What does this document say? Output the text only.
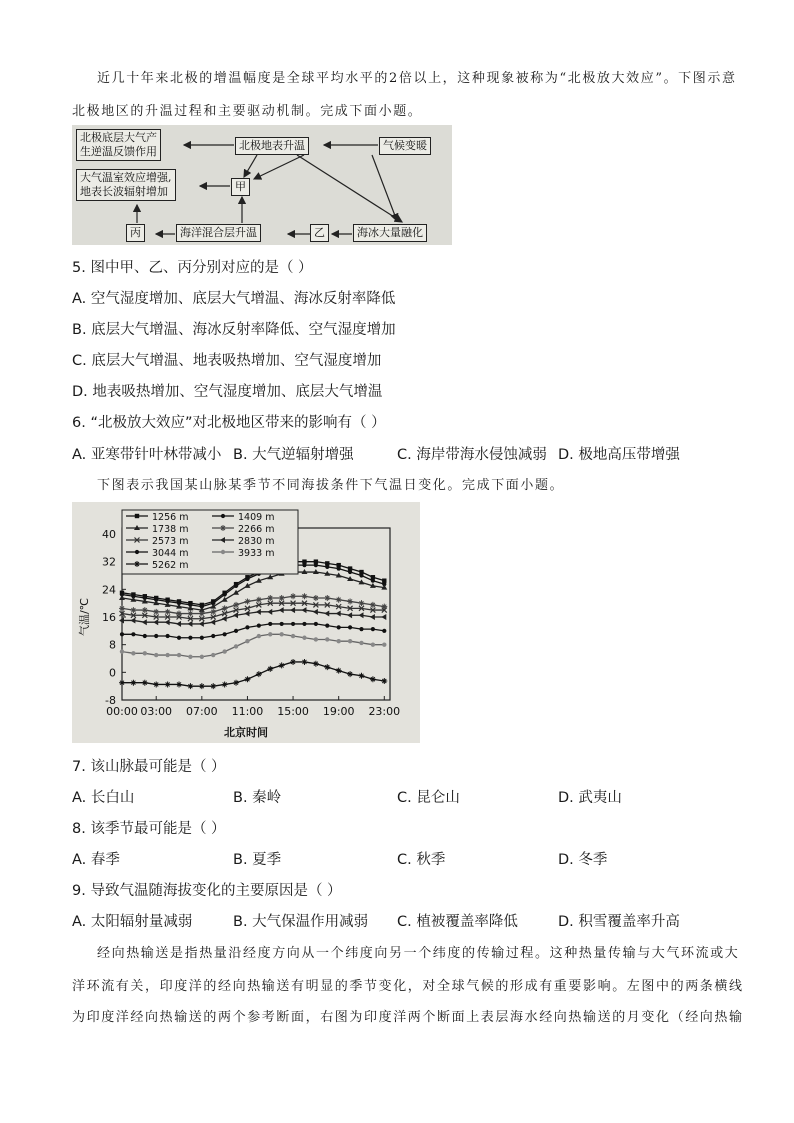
近几十年来北极的增温幅度是全球平均水平的2倍以上，这种现象被称为“北极放大效应”。下图示意
北极地区的升温过程和主要驱动机制。完成下面小题。
北极底层大气产
生逆温反馈作用	北极地表升温	气候变暖
大气温室效应增强,
地表长波辐射增加	甲
丙	海洋混合层升温	乙	海冰大量融化
5. 图中甲、乙、丙分别对应的是（ ）
A. 空气湿度增加、底层大气增温、海冰反射率降低
B. 底层大气增温、海冰反射率降低、空气湿度增加
C. 底层大气增温、地表吸热增加、空气湿度增加
D. 地表吸热增加、空气湿度增加、底层大气增温
6. “北极放大效应”对北极地区带来的影响有（ ）
A. 亚寒带针叶林带减小 B. 大气逆辐射增强	C. 海岸带海水侵蚀减弱 D. 极地高压带增强
下图表示我国某山脉某季节不同海拔条件下气温日变化。完成下面小题。
40
32
24
16
8
0
-8
00:00 03:00 07:00 11:00 15:00 19:00 23:00
北京时间
气温/℃
1256 m	1409 m
1738 m	2266 m
2573 m	2830 m
3044 m	3933 m
5262 m
7. 该山脉最可能是（ ）
A. 长白山	B. 秦岭	C. 昆仑山	D. 武夷山
8. 该季节最可能是（ ）
A. 春季	B. 夏季	C. 秋季	D. 冬季
9. 导致气温随海拔变化的主要原因是（ ）
A. 太阳辐射量减弱	B. 大气保温作用减弱 C. 植被覆盖率降低	D. 积雪覆盖率升高
经向热输送是指热量沿经度方向从一个纬度向另一个纬度的传输过程。这种热量传输与大气环流或大
洋环流有关，印度洋的经向热输送有明显的季节变化，对全球气候的形成有重要影响。左图中的两条横线
为印度洋经向热输送的两个参考断面，右图为印度洋两个断面上表层海水经向热输送的月变化（经向热输
